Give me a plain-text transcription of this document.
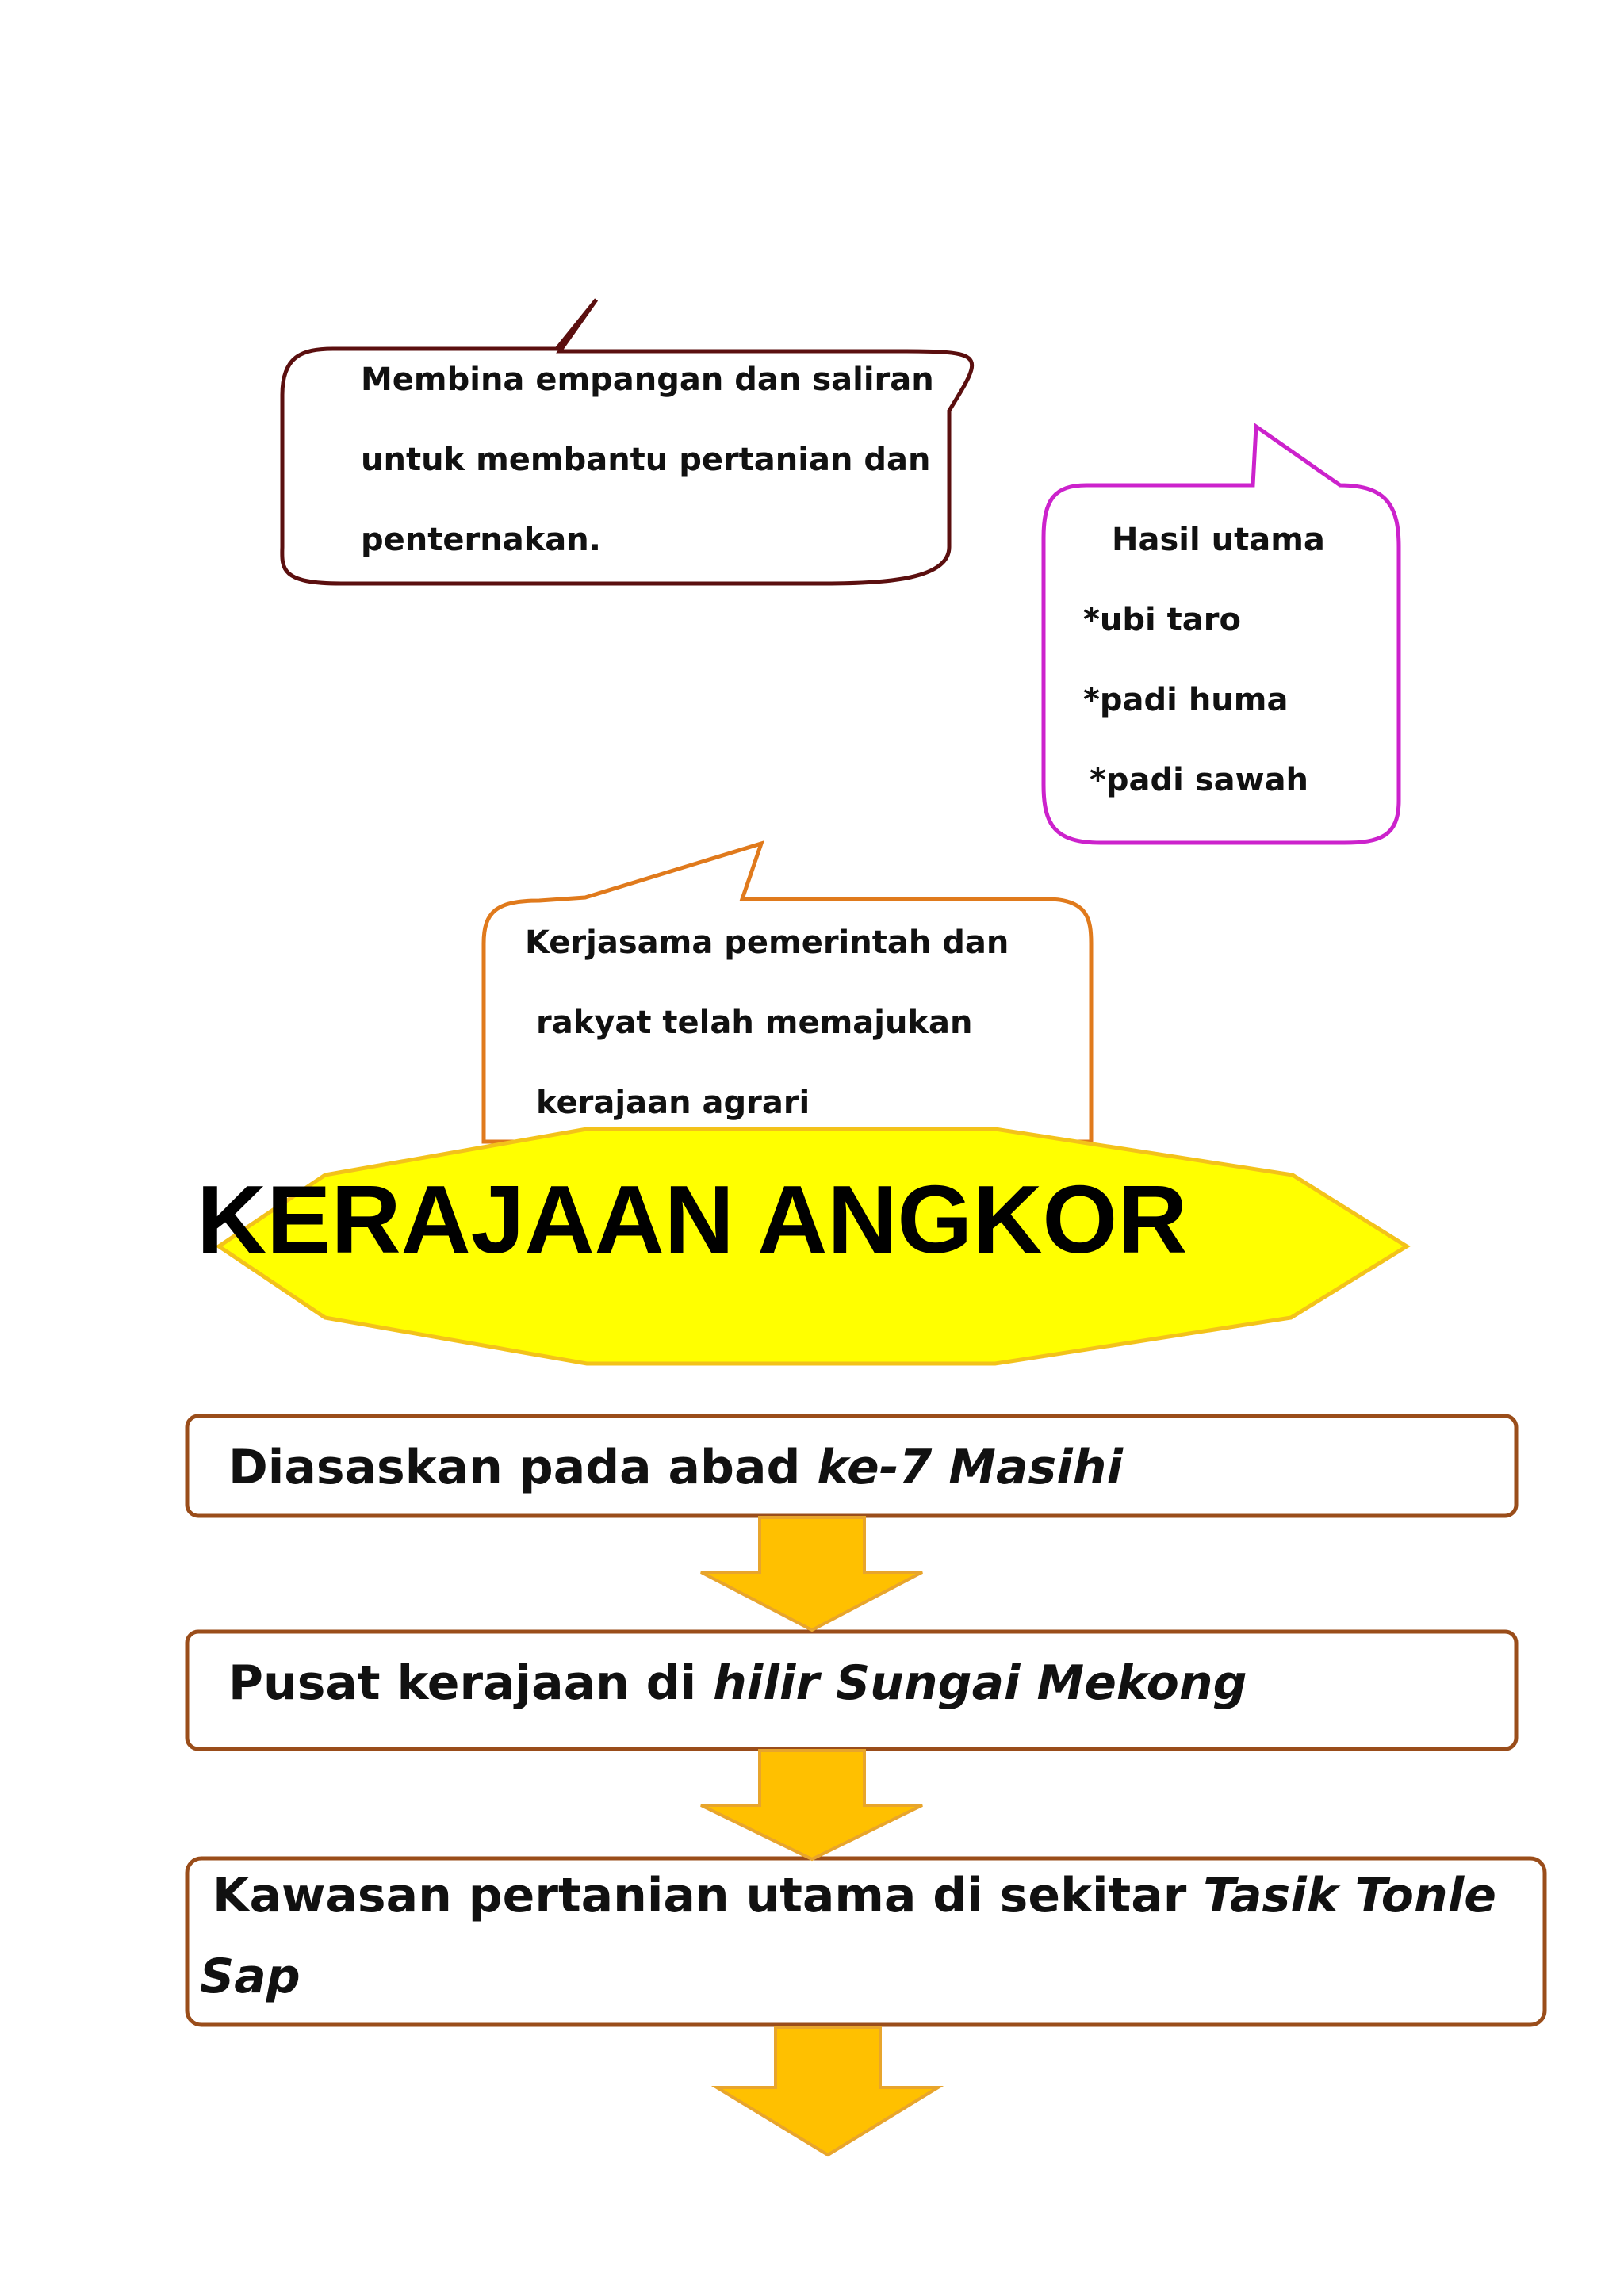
Membina empangan dan saliran
untuk membantu pertanian dan
penternakan.	Hasil utama
*ubi taro
*padi huma
*padi sawah
Kerjasama pemerintah dan
rakyat telah memajukan
kerajaan agrari
KERAJAAN ANGKOR
Diasaskan pada abad ke-7 Masihi
Pusat kerajaan di hilir Sungai Mekong
Kawasan pertanian utama di sekitar Tasik Tonle
Sap
